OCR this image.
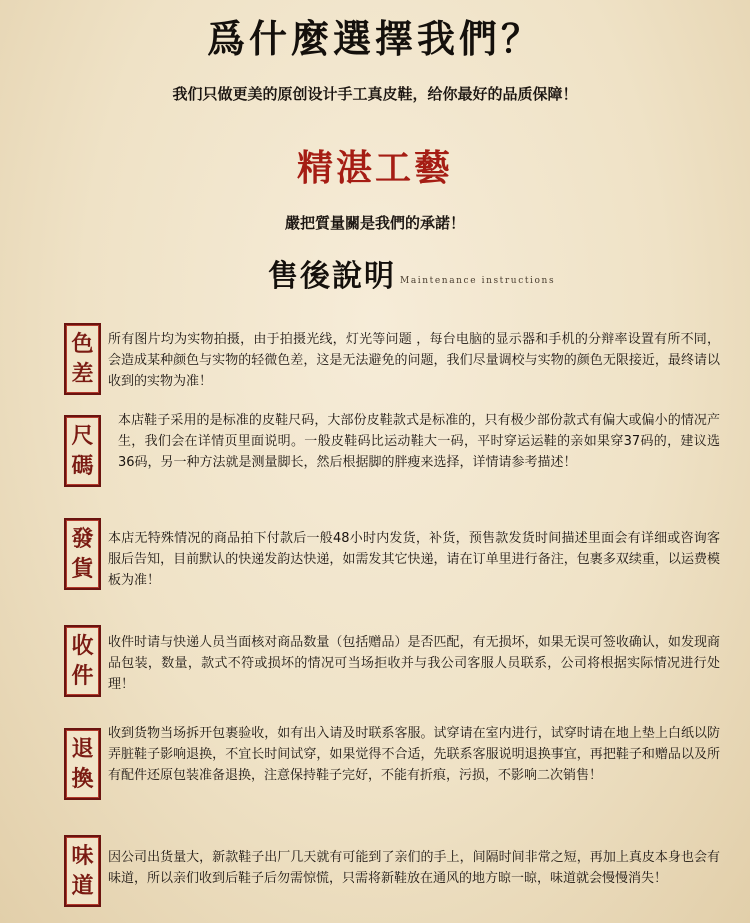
爲什麼選擇我們？
我们只做更美的原创设计手工真皮鞋，给你最好的品质保障！
精湛工藝
嚴把質量關是我們的承諾！
售後說明 Maintenance instructions
色
差
所有图片均为实物拍摄，由于拍摄光线，灯光等问题 ，每台电脑的显示器和手机的分辩率设置有所不同，会造成某种颜色与实物的轻微色差，这是无法避免的问题，我们尽量调校与实物的颜色无限接近，最终请以收到的实物为准！
尺
碼
本店鞋子采用的是标准的皮鞋尺码，大部份皮鞋款式是标准的，只有极少部份款式有偏大或偏小的情况产生，我们会在详情页里面说明。一般皮鞋码比运动鞋大一码，平时穿运运鞋的亲如果穿37码的，建议选36码，另一种方法就是测量脚长，然后根据脚的胖瘦来选择，详情请参考描述！
發
貨
本店无特殊情况的商品拍下付款后一般48小时内发货，补货，预售款发货时间描述里面会有详细或咨询客服后告知，目前默认的快递发韵达快递，如需发其它快递，请在订单里进行备注，包裹多双续重，以运费模板为准！
收
件
收件时请与快递人员当面核对商品数量（包括赠品）是否匹配，有无损坏，如果无误可签收确认，如发现商品包装，数量，款式不符或损坏的情况可当场拒收并与我公司客服人员联系，公司将根据实际情况进行处理！
退
換
收到货物当场拆开包裹验收，如有出入请及时联系客服。试穿请在室内进行，试穿时请在地上垫上白纸以防弄脏鞋子影响退换，不宜长时间试穿，如果觉得不合适，先联系客服说明退换事宜，再把鞋子和赠品以及所有配件还原包装准备退换，注意保持鞋子完好，不能有折痕，污损，不影响二次销售！
味
道
因公司出货量大，新款鞋子出厂几天就有可能到了亲们的手上，间隔时间非常之短，再加上真皮本身也会有味道，所以亲们收到后鞋子后勿需惊慌，只需将新鞋放在通风的地方晾一晾，味道就会慢慢消失！
